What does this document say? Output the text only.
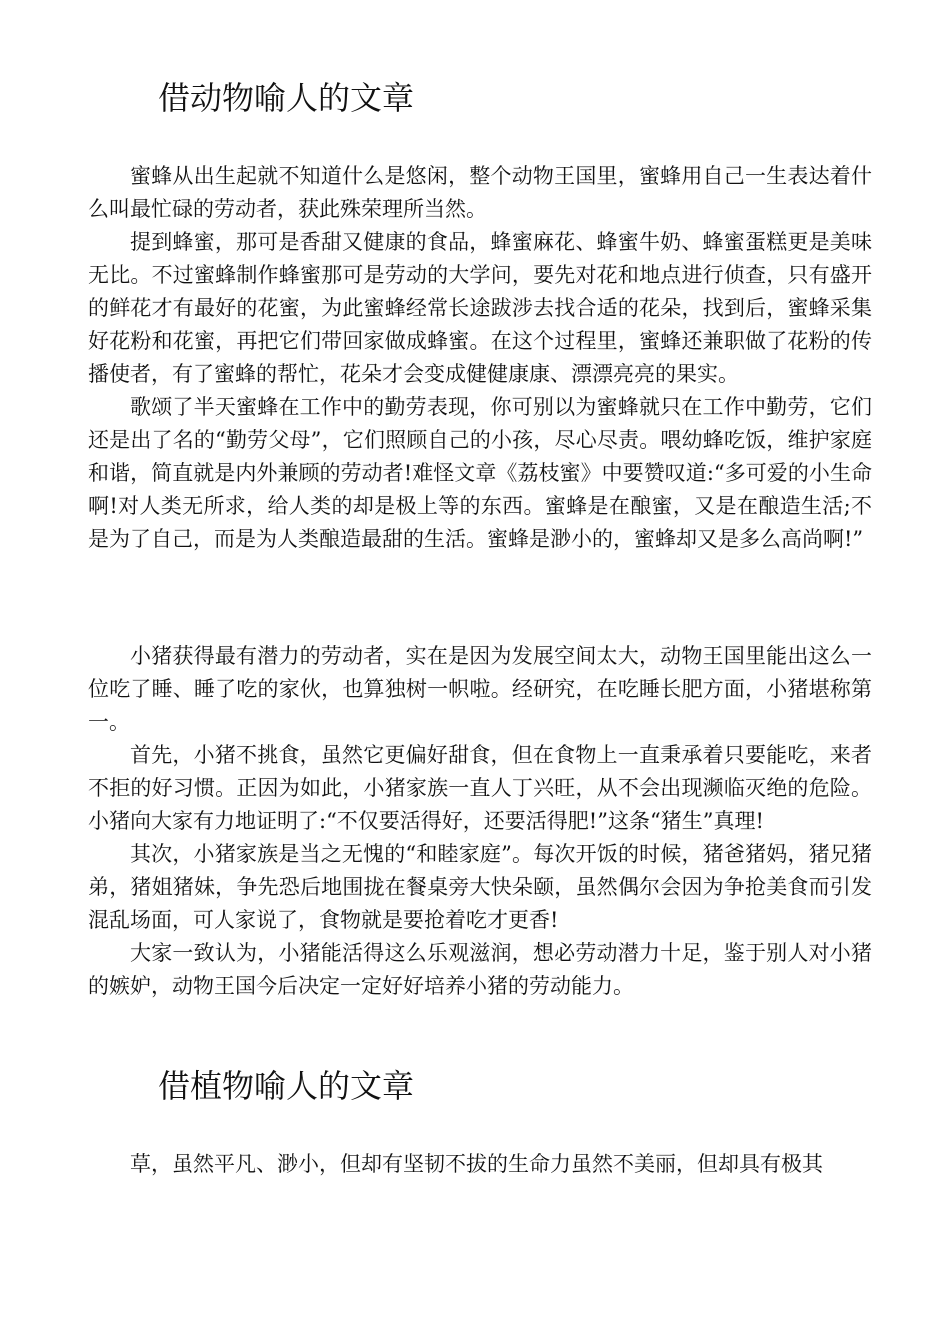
借动物喻人的文章

蜜蜂从出生起就不知道什么是悠闲，整个动物王国里，蜜蜂用自己一生表达着什么叫最忙碌的劳动者，获此殊荣理所当然。

提到蜂蜜，那可是香甜又健康的食品，蜂蜜麻花、蜂蜜牛奶、蜂蜜蛋糕更是美味无比。不过蜜蜂制作蜂蜜那可是劳动的大学问，要先对花和地点进行侦查，只有盛开的鲜花才有最好的花蜜，为此蜜蜂经常长途跋涉去找合适的花朵，找到后，蜜蜂采集好花粉和花蜜，再把它们带回家做成蜂蜜。在这个过程里，蜜蜂还兼职做了花粉的传播使者，有了蜜蜂的帮忙，花朵才会变成健健康康、漂漂亮亮的果实。

歌颂了半天蜜蜂在工作中的勤劳表现，你可别以为蜜蜂就只在工作中勤劳，它们还是出了名的“勤劳父母”，它们照顾自己的小孩，尽心尽责。喂幼蜂吃饭，维护家庭和谐，简直就是内外兼顾的劳动者!难怪文章《荔枝蜜》中要赞叹道:“多可爱的小生命啊!对人类无所求，给人类的却是极上等的东西。蜜蜂是在酿蜜，又是在酿造生活;不是为了自己，而是为人类酿造最甜的生活。蜜蜂是渺小的，蜜蜂却又是多么高尚啊!”

小猪获得最有潜力的劳动者，实在是因为发展空间太大，动物王国里能出这么一位吃了睡、睡了吃的家伙，也算独树一帜啦。经研究，在吃睡长肥方面，小猪堪称第一。

首先，小猪不挑食，虽然它更偏好甜食，但在食物上一直秉承着只要能吃，来者不拒的好习惯。正因为如此，小猪家族一直人丁兴旺，从不会出现濒临灭绝的危险。小猪向大家有力地证明了:“不仅要活得好，还要活得肥!”这条“猪生”真理!

其次，小猪家族是当之无愧的“和睦家庭”。每次开饭的时候，猪爸猪妈，猪兄猪弟，猪姐猪妹，争先恐后地围拢在餐桌旁大快朵颐，虽然偶尔会因为争抢美食而引发混乱场面，可人家说了，食物就是要抢着吃才更香!

大家一致认为，小猪能活得这么乐观滋润，想必劳动潜力十足，鉴于别人对小猪的嫉妒，动物王国今后决定一定好好培养小猪的劳动能力。

借植物喻人的文章

草，虽然平凡、渺小，但却有坚韧不拔的生命力虽然不美丽，但却具有极其
